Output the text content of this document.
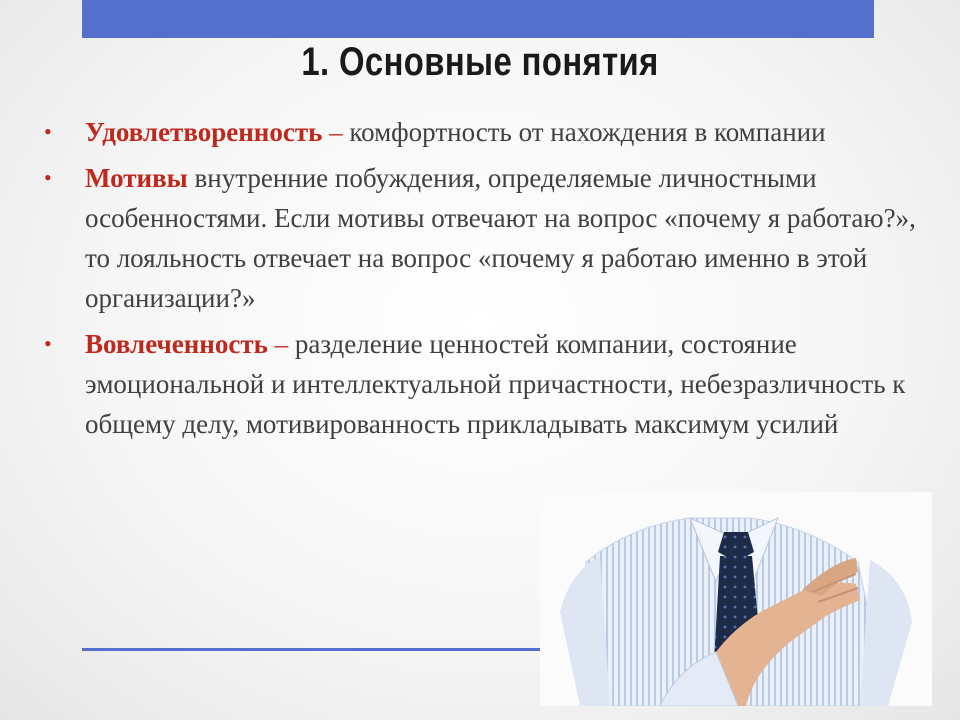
1. Основные понятия
• Удовлетворенность – комфортность от нахождения в компании
• Мотивы внутренние побуждения, определяемые личностными особенностями. Если мотивы отвечают на вопрос «почему я работаю?», то лояльность отвечает на вопрос «почему я работаю именно в этой организации?»
• Вовлеченность – разделение ценностей компании, состояние эмоциональной и интеллектуальной причастности, небезразличность к общему делу, мотивированность прикладывать максимум усилий
